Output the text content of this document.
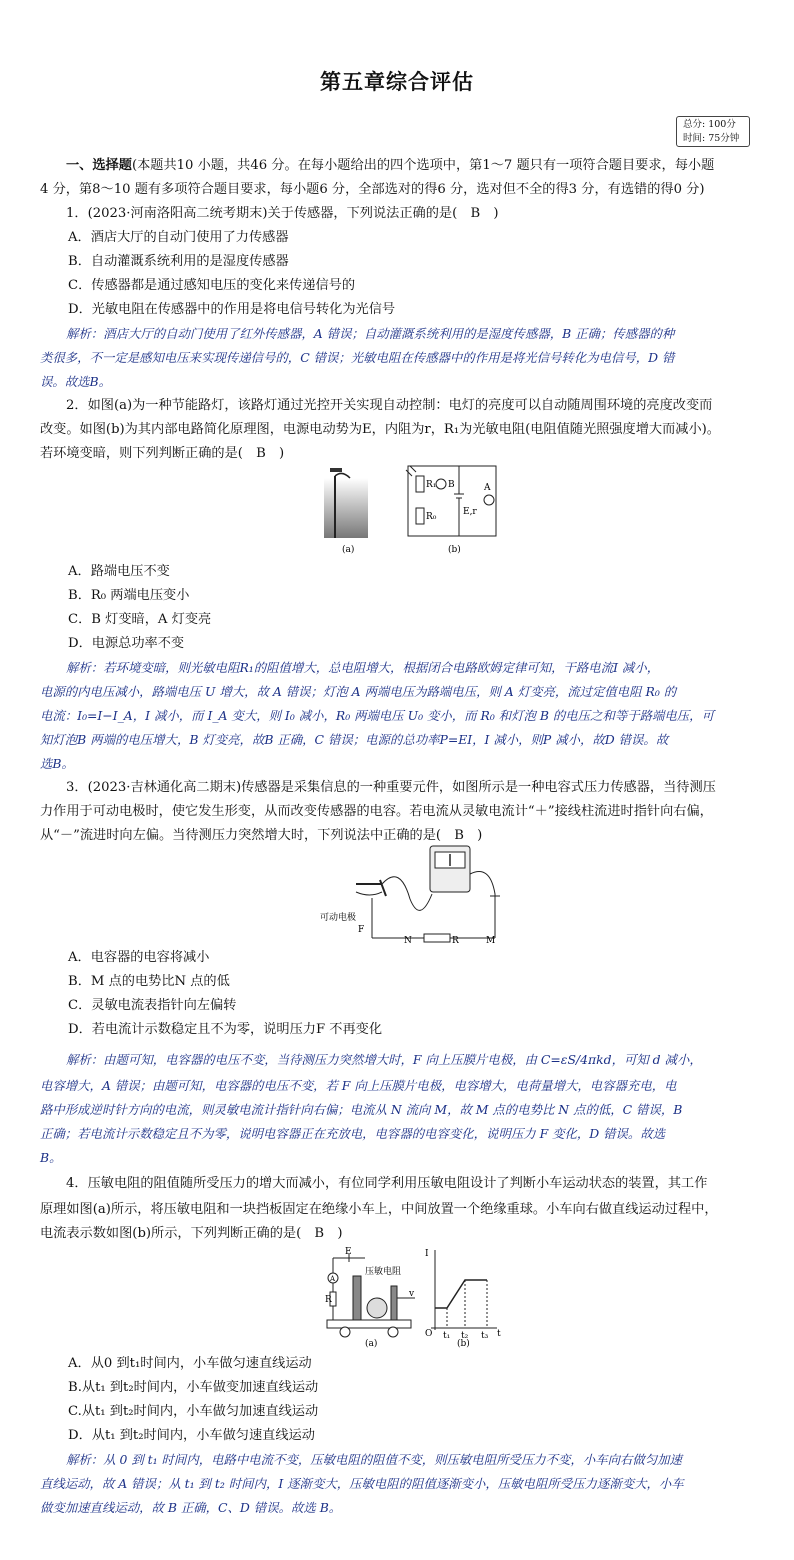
第五章综合评估
总分: 100分
时间: 75分钟
一、选择题(本题共10 小题，共46 分。在每小题给出的四个选项中，第1～7 题只有一项符合题目要求，每小题
4 分，第8～10 题有多项符合题目要求，每小题6 分，全部选对的得6 分，选对但不全的得3 分，有选错的得0 分)
1．(2023·河南洛阳高二统考期末)关于传感器，下列说法正确的是(　B　)
A．酒店大厅的自动门使用了力传感器
B．自动灌溉系统利用的是湿度传感器
C．传感器都是通过感知电压的变化来传递信号的
D．光敏电阻在传感器中的作用是将电信号转化为光信号
解析：酒店大厅的自动门使用了红外传感器，A 错误；自动灌溉系统利用的是湿度传感器，B 正确；传感器的种
类很多，不一定是感知电压来实现传递信号的，C 错误；光敏电阻在传感器中的作用是将光信号转化为电信号，D 错
误。故选B。
2．如图(a)为一种节能路灯，该路灯通过光控开关实现自动控制：电灯的亮度可以自动随周围环境的亮度改变而
改变。如图(b)为其内部电路简化原理图，电源电动势为E，内阻为r，R₁为光敏电阻(电阻值随光照强度增大而减小)。
若环境变暗，则下列判断正确的是(　B　)
(a)
R₁
R₀
B	A
E,r
(b)
A．路端电压不变
B．R₀ 两端电压变小
C．B 灯变暗，A 灯变亮
D．电源总功率不变
解析：若环境变暗，则光敏电阻R₁的阻值增大，总电阻增大，根据闭合电路欧姆定律可知，干路电流I 减小，
电源的内电压减小，路端电压 U 增大，故 A 错误；灯泡 A 两端电压为路端电压，则 A 灯变亮，流过定值电阻 R₀ 的
电流：I₀=I−I_A，I 减小，而 I_A 变大，则 I₀ 减小，R₀ 两端电压 U₀ 变小，而 R₀ 和灯泡 B 的电压之和等于路端电压，可
知灯泡B 两端的电压增大，B 灯变亮，故B 正确，C 错误；电源的总功率P=EI，I 减小，则P 减小，故D 错误。故
选B。
3．(2023·吉林通化高二期末)传感器是采集信息的一种重要元件，如图所示是一种电容式压力传感器，当待测压
力作用于可动电极时，使它发生形变，从而改变传感器的电容。若电流从灵敏电流计“＋”接线柱流进时指针向右偏，
从“－”流进时向左偏。当待测压力突然增大时，下列说法中正确的是(　B　)
可动电极
F
N	R	M
A．电容器的电容将减小
B．M 点的电势比N 点的低
C．灵敏电流表指针向左偏转
D．若电流计示数稳定且不为零，说明压力F 不再变化
解析：由题可知，电容器的电压不变，当待测压力突然增大时，F 向上压膜片电极，由 C=εS/4πkd，可知 d 减小，
电容增大，A 错误；由题可知，电容器的电压不变，若 F 向上压膜片电极，电容增大，电荷量增大，电容器充电，电
路中形成逆时针方向的电流，则灵敏电流计指针向右偏；电流从 N 流向 M，故 M 点的电势比 N 点的低，C 错误，B
正确；若电流计示数稳定且不为零，说明电容器正在充放电，电容器的电容变化，说明压力 F 变化，D 错误。故选
B。
4．压敏电阻的阻值随所受压力的增大而减小，有位同学利用压敏电阻设计了判断小车运动状态的装置，其工作
原理如图(a)所示，将压敏电阻和一块挡板固定在绝缘小车上，中间放置一个绝缘重球。小车向右做直线运动过程中，
电流表示数如图(b)所示，下列判断正确的是(　B　)
E
A
R
压敏电阻
v
I
O t₁ t₂ t₃ t
(a)	(b)
A．从0 到t₁时间内，小车做匀速直线运动
B.从t₁ 到t₂时间内，小车做变加速直线运动
C.从t₁ 到t₂时间内，小车做匀加速直线运动
D．从t₁ 到t₂时间内，小车做匀速直线运动
解析：从 0 到 t₁ 时间内，电路中电流不变，压敏电阻的阻值不变，则压敏电阻所受压力不变，小车向右做匀加速
直线运动，故 A 错误；从 t₁ 到 t₂ 时间内，I 逐渐变大，压敏电阻的阻值逐渐变小，压敏电阻所受压力逐渐变大，小车
做变加速直线运动，故 B 正确，C、D 错误。故选 B。
